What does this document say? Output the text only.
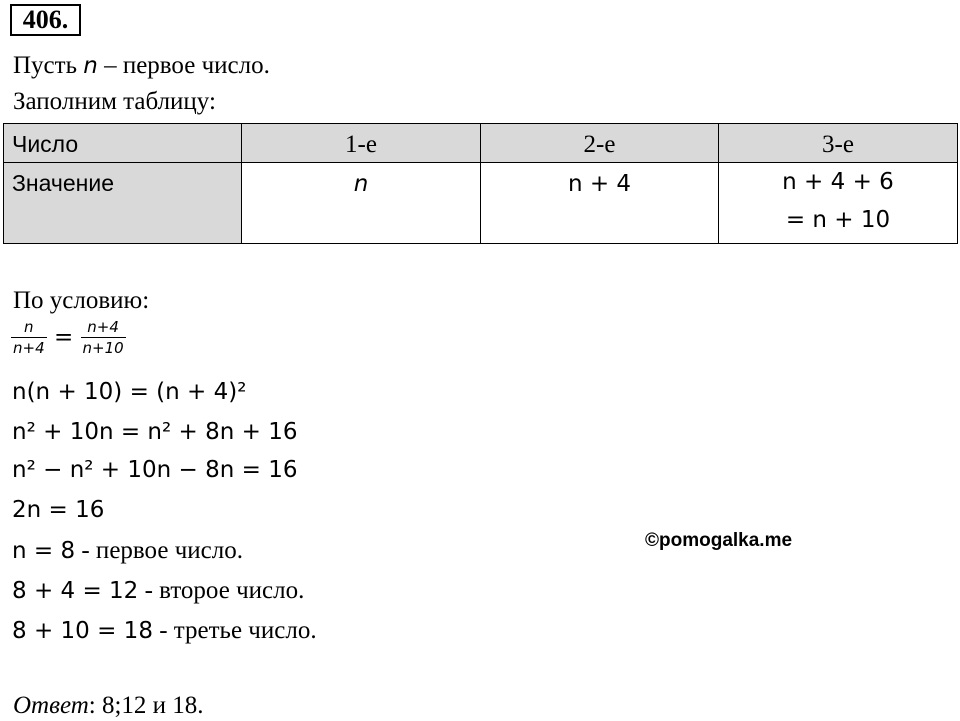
406.
Пусть n – первое число.
Заполним таблицу:
Число	1-е	2-е	3-е

Значение	n	n + 4	n + 4 + 6
= n + 10
По условию:
$\frac{n}{n+4} = \frac{n+4}{n+10}$
n(n + 10) = (n + 4)²
n² + 10n = n² + 8n + 16
n² − n² + 10n − 8n = 16
2n = 16
n = 8 - первое число.
8 + 4 = 12 - второе число.
8 + 10 = 18 - третье число.
Ответ: 8;12 и 18.
©pomogalka.me
